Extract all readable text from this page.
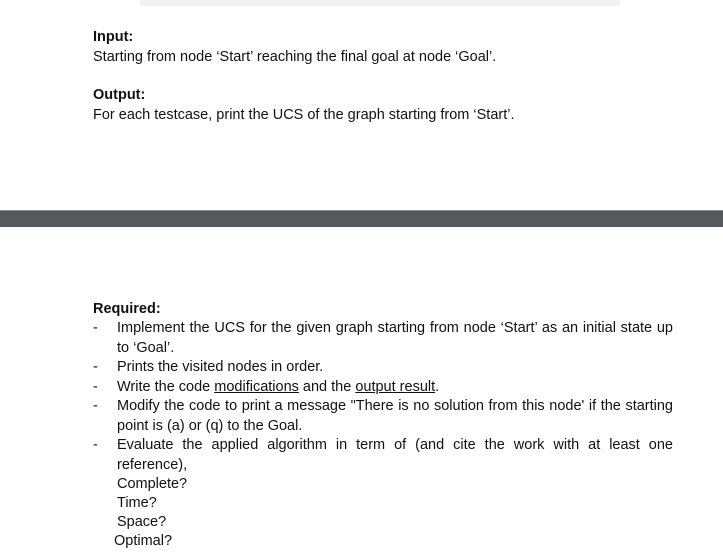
Input:
Starting from node ‘Start’ reaching the final goal at node ‘Goal’.
Output:
For each testcase, print the UCS of the graph starting from ‘Start’.
Required:
- Implement the UCS for the given graph starting from node ‘Start’ as an initial state up to ‘Goal’.
- Prints the visited nodes in order.
- Write the code modifications and the output result.
- Modify the code to print a message "There is no solution from this node' if the starting point is (a) or (q) to the Goal.
- Evaluate the applied algorithm in term of (and cite the work with at least one reference),
Complete?
Time?
Space?
Optimal?
